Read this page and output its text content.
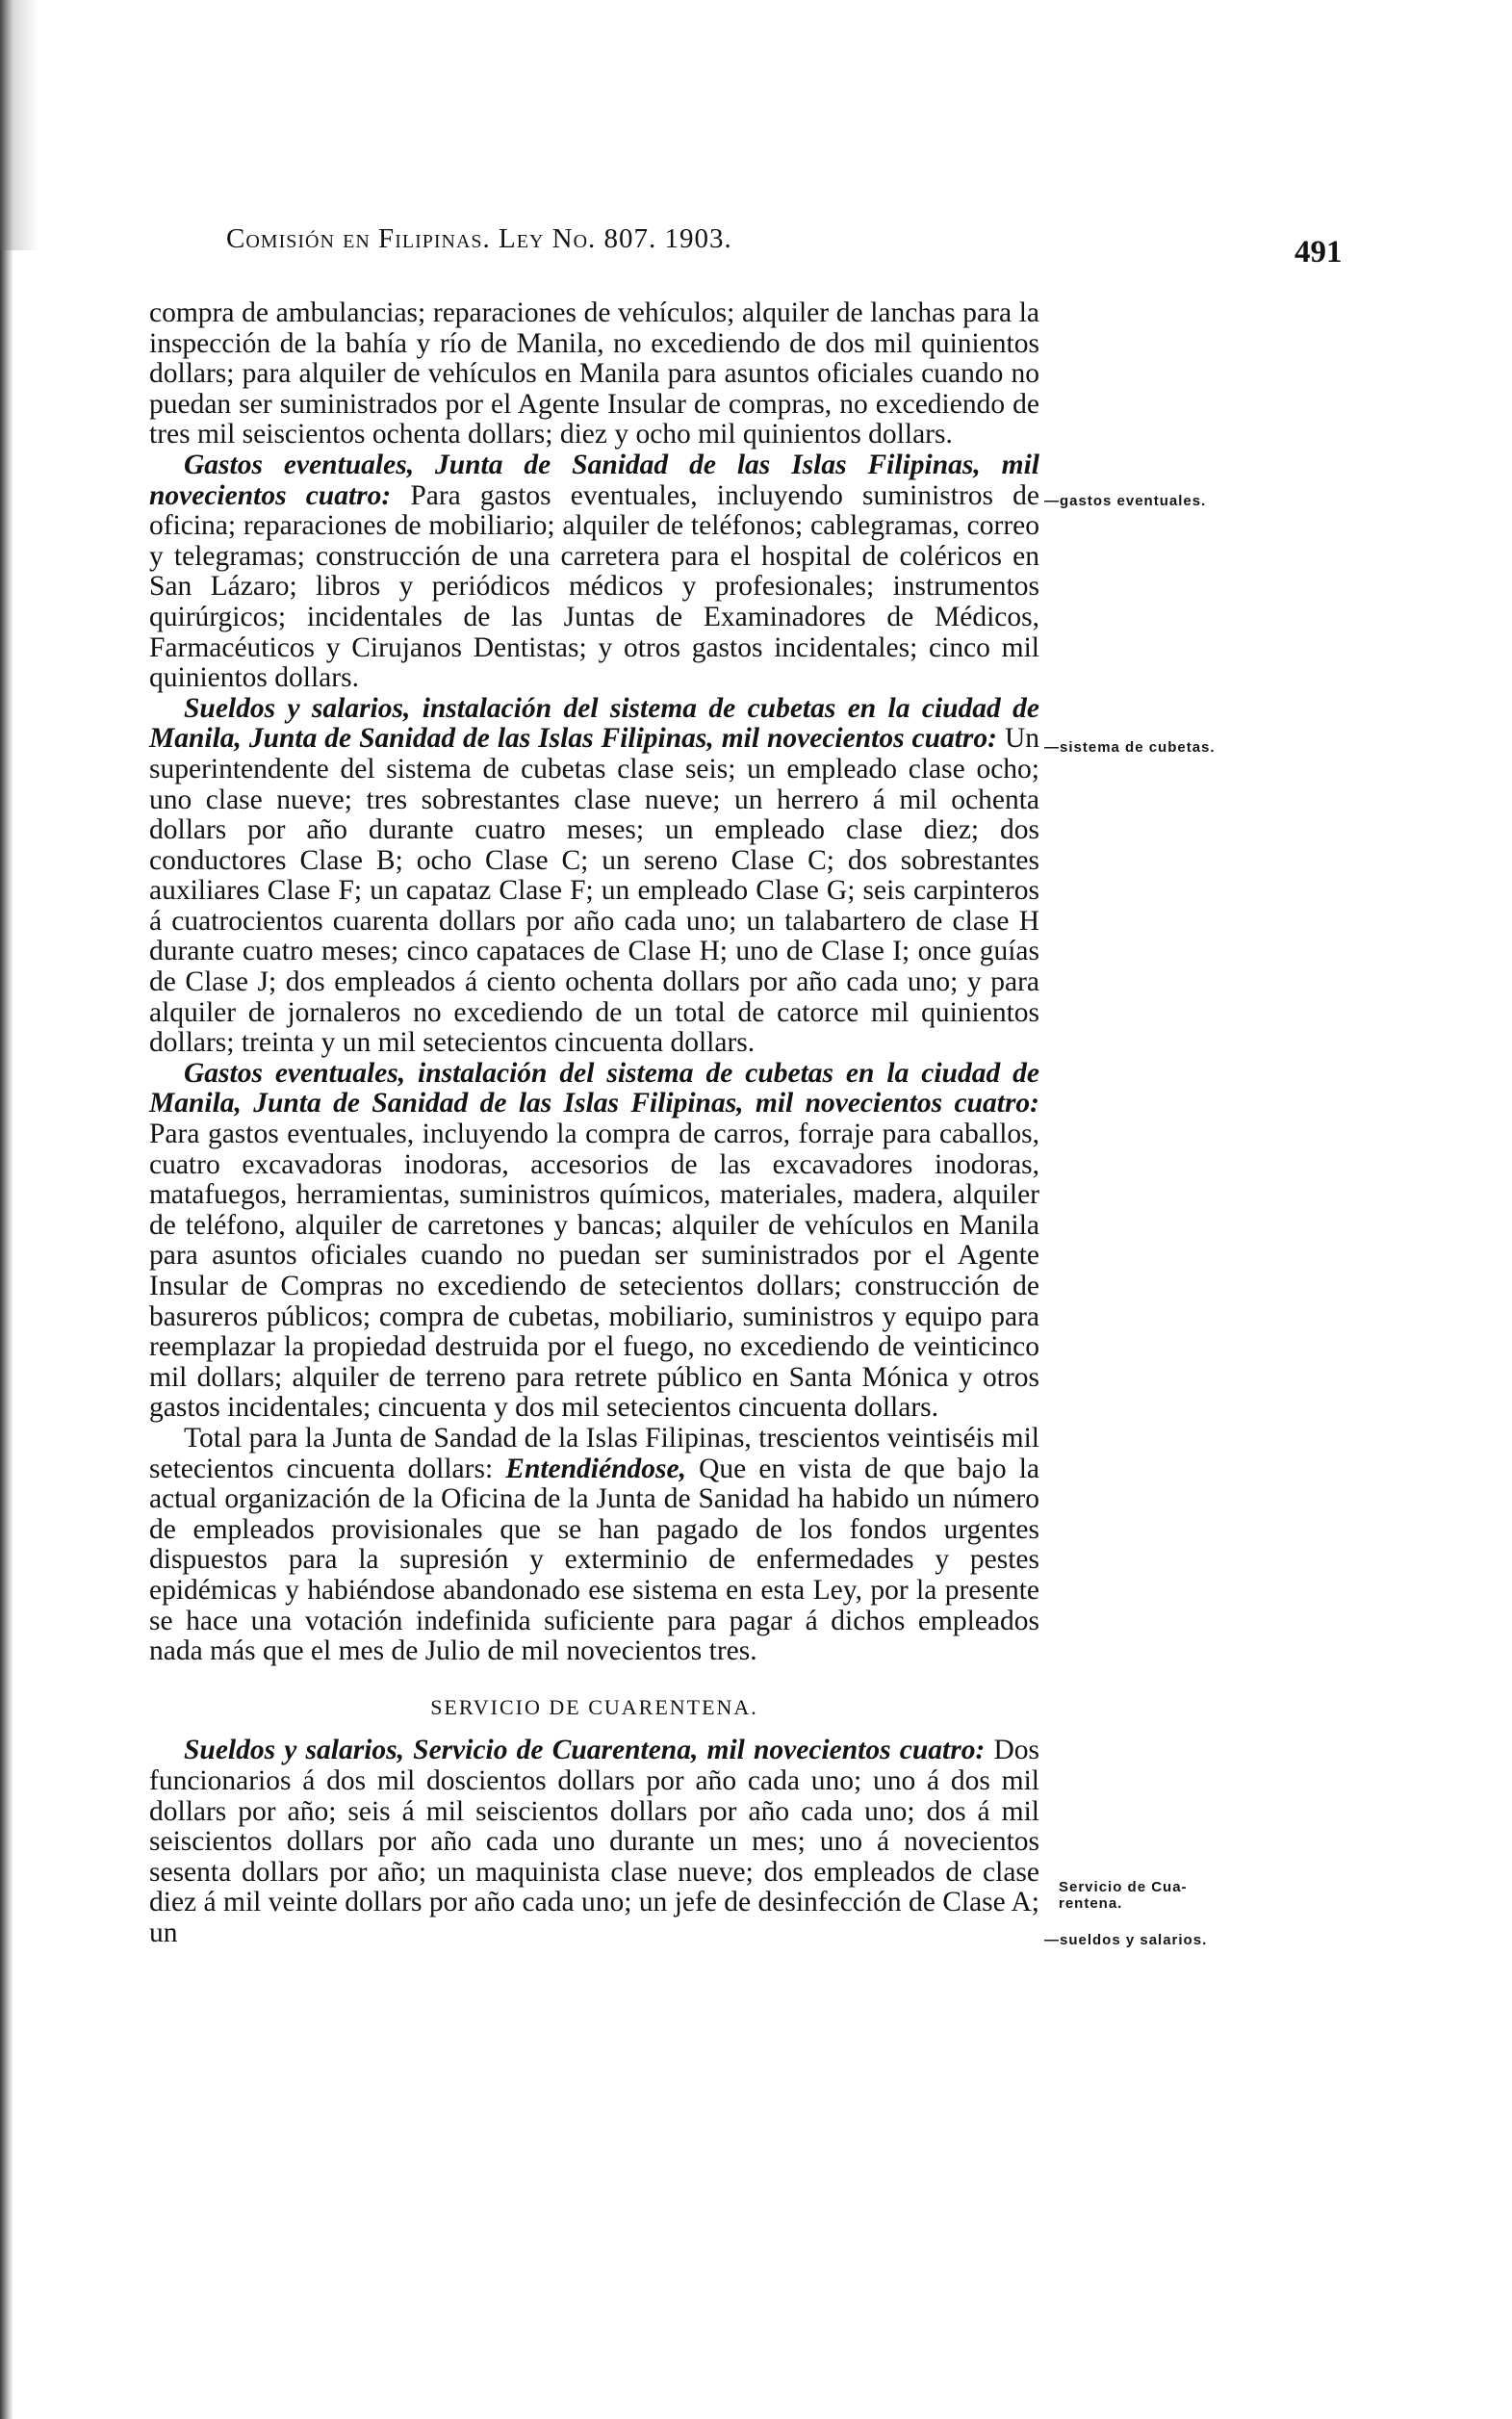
Comisión en Filipinas. Ley No. 807. 1903.	491

compra de ambulancias; reparaciones de vehículos; alquiler de lanchas para la inspección de la bahía y río de Manila, no excediendo de dos mil quinientos dollars; para alquiler de vehículos en Manila para asuntos oficiales cuando no puedan ser suministrados por el Agente Insular de compras, no excediendo de tres mil seiscientos ochenta dollars; diez y ocho mil quinientos dollars.

Gastos eventuales, Junta de Sanidad de las Islas Filipinas, mil novecientos cuatro: Para gastos eventuales, incluyendo suministros de oficina; reparaciones de mobiliario; alquiler de teléfonos; cablegramas, correo y telegramas; construcción de una carretera para el hospital de coléricos en San Lázaro; libros y periódicos médicos y profesionales; instrumentos quirúrgicos; incidentales de las Juntas de Examinadores de Médicos, Farmacéuticos y Cirujanos Dentistas; y otros gastos incidentales; cinco mil quinientos dollars.

Sueldos y salarios, instalación del sistema de cubetas en la ciudad de Manila, Junta de Sanidad de las Islas Filipinas, mil novecientos cuatro: Un superintendente del sistema de cubetas clase seis; un empleado clase ocho; uno clase nueve; tres sobrestantes clase nueve; un herrero á mil ochenta dollars por año durante cuatro meses; un empleado clase diez; dos conductores Clase B; ocho Clase C; un sereno Clase C; dos sobrestantes auxiliares Clase F; un capataz Clase F; un empleado Clase G; seis carpinteros á cuatrocientos cuarenta dollars por año cada uno; un talabartero de clase H durante cuatro meses; cinco capataces de Clase H; uno de Clase I; once guías de Clase J; dos empleados á ciento ochenta dollars por año cada uno; y para alquiler de jornaleros no excediendo de un total de catorce mil quinientos dollars; treinta y un mil setecientos cincuenta dollars.

Gastos eventuales, instalación del sistema de cubetas en la ciudad de Manila, Junta de Sanidad de las Islas Filipinas, mil novecientos cuatro: Para gastos eventuales, incluyendo la compra de carros, forraje para caballos, cuatro excavadoras inodoras, accesorios de las excavadores inodoras, matafuegos, herramientas, suministros químicos, materiales, madera, alquiler de teléfono, alquiler de carretones y bancas; alquiler de vehículos en Manila para asuntos oficiales cuando no puedan ser suministrados por el Agente Insular de Compras no excediendo de setecientos dollars; construcción de basureros públicos; compra de cubetas, mobiliario, suministros y equipo para reemplazar la propiedad destruida por el fuego, no excediendo de veinticinco mil dollars; alquiler de terreno para retrete público en Santa Mónica y otros gastos incidentales; cincuenta y dos mil setecientos cincuenta dollars.

Total para la Junta de Sandad de la Islas Filipinas, trescientos veintiséis mil setecientos cincuenta dollars: Entendiéndose, Que en vista de que bajo la actual organización de la Oficina de la Junta de Sanidad ha habido un número de empleados provisionales que se han pagado de los fondos urgentes dispuestos para la supresión y exterminio de enfermedades y pestes epidémicas y habiéndose abandonado ese sistema en esta Ley, por la presente se hace una votación indefinida suficiente para pagar á dichos empleados nada más que el mes de Julio de mil novecientos tres.

SERVICIO DE CUARENTENA.

Sueldos y salarios, Servicio de Cuarentena, mil novecientos cuatro: Dos funcionarios á dos mil doscientos dollars por año cada uno; uno á dos mil dollars por año; seis á mil seiscientos dollars por año cada uno; dos á mil seiscientos dollars por año cada uno durante un mes; uno á novecientos sesenta dollars por año; un maquinista clase nueve; dos empleados de clase diez á mil veinte dollars por año cada uno; un jefe de desinfección de Clase A; un

—gastos eventuales.
—sistema de cubetas.
Servicio de Cua-
rentena.
—sueldos y salarios.
